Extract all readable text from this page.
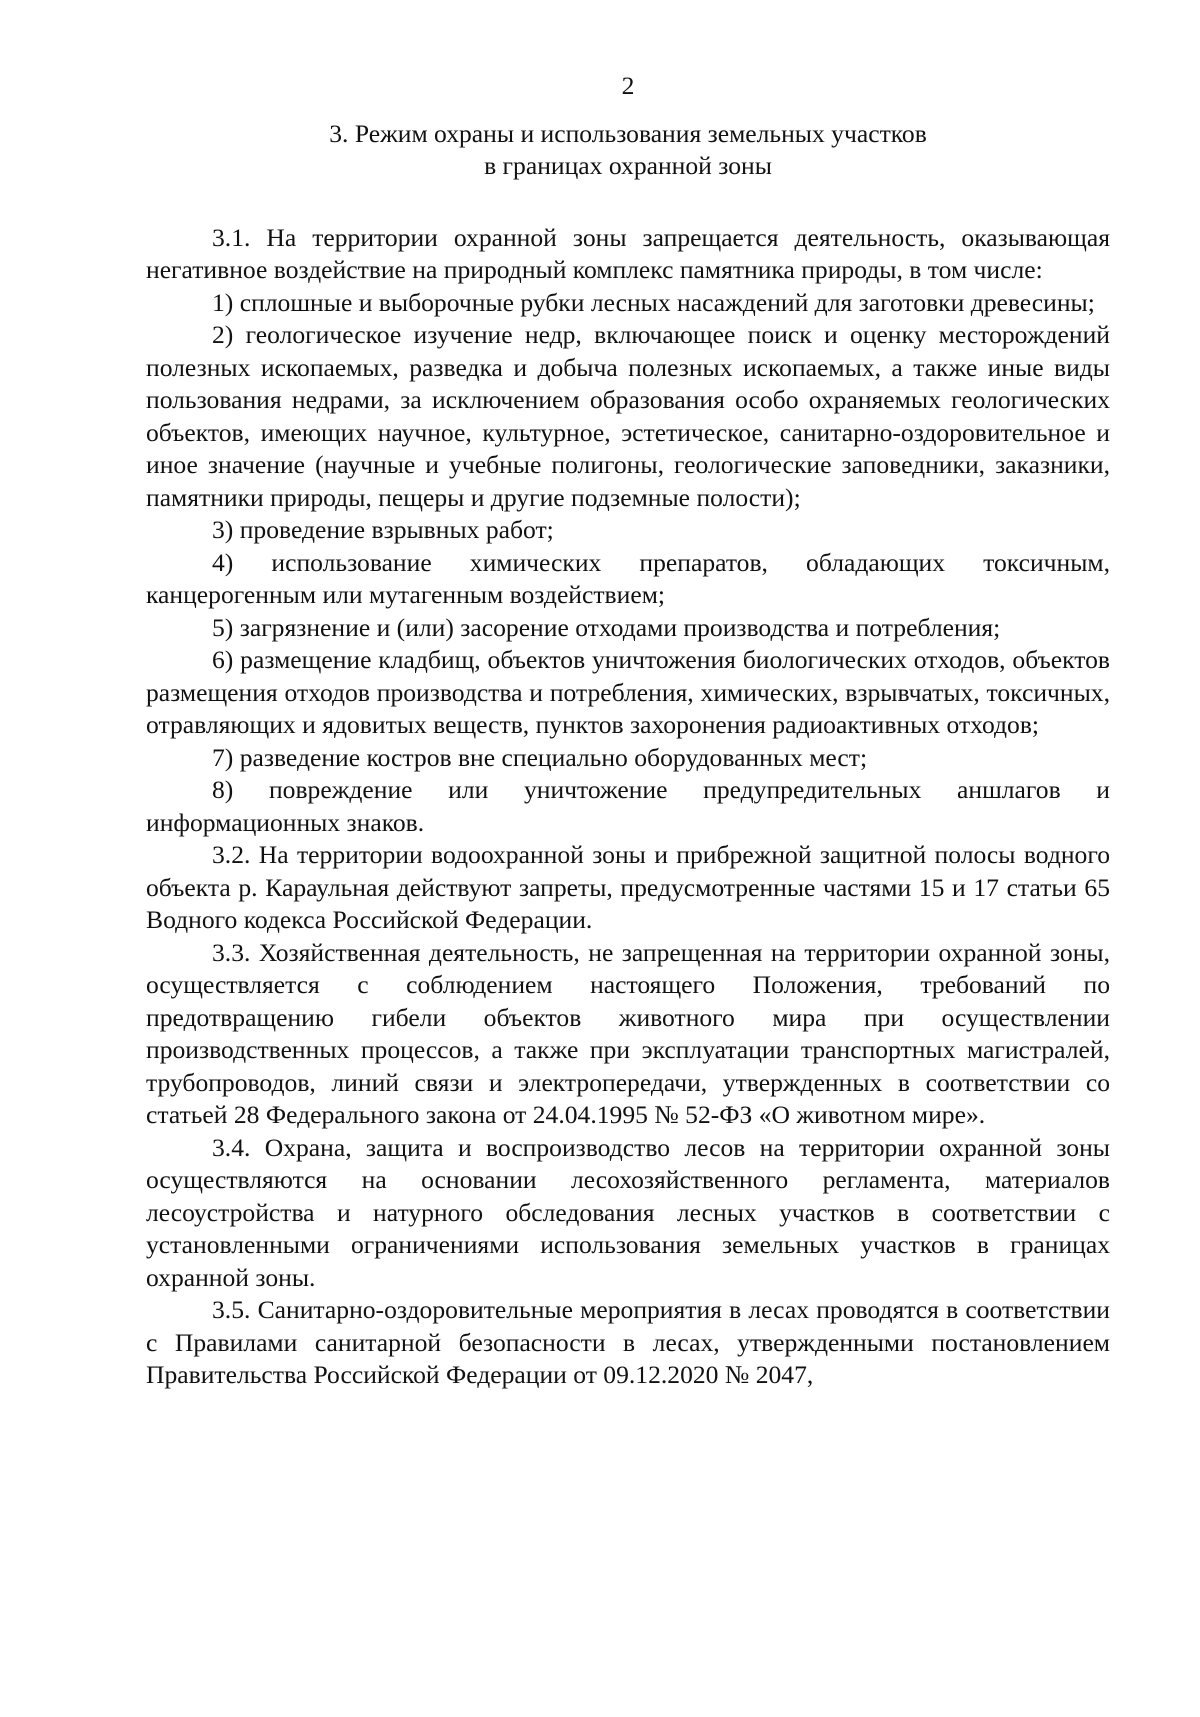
2
3. Режим охраны и использования земельных участков
в границах охранной зоны

3.1. На территории охранной зоны запрещается деятельность, оказывающая негативное воздействие на природный комплекс памятника природы, в том числе:

1) сплошные и выборочные рубки лесных насаждений для заготовки древесины;

2) геологическое изучение недр, включающее поиск и оценку месторождений полезных ископаемых, разведка и добыча полезных ископаемых, а также иные виды пользования недрами, за исключением образования особо охраняемых геологических объектов, имеющих научное, культурное, эстетическое, санитарно-оздоровительное и иное значение (научные и учебные полигоны, геологические заповедники, заказники, памятники природы, пещеры и другие подземные полости);

3) проведение взрывных работ;

4) использование химических препаратов, обладающих токсичным, канцерогенным или мутагенным воздействием;

5) загрязнение и (или) засорение отходами производства и потребления;

6) размещение кладбищ, объектов уничтожения биологических отходов, объектов размещения отходов производства и потребления, химических, взрывчатых, токсичных, отравляющих и ядовитых веществ, пунктов захоронения радиоактивных отходов;

7) разведение костров вне специально оборудованных мест;

8) повреждение или уничтожение предупредительных аншлагов и информационных знаков.

3.2. На территории водоохранной зоны и прибрежной защитной полосы водного объекта р. Караульная действуют запреты, предусмотренные частями 15 и 17 статьи 65 Водного кодекса Российской Федерации.

3.3. Хозяйственная деятельность, не запрещенная на территории охранной зоны, осуществляется с соблюдением настоящего Положения, требований по предотвращению гибели объектов животного мира при осуществлении производственных процессов, а также при эксплуатации транспортных магистралей, трубопроводов, линий связи и электропередачи, утвержденных в соответствии со статьей 28 Федерального закона от 24.04.1995 № 52-ФЗ «О животном мире».

3.4. Охрана, защита и воспроизводство лесов на территории охранной зоны осуществляются на основании лесохозяйственного регламента, материалов лесоустройства и натурного обследования лесных участков в соответствии с установленными ограничениями использования земельных участков в границах охранной зоны.

3.5. Санитарно-оздоровительные мероприятия в лесах проводятся в соответствии с Правилами санитарной безопасности в лесах, утвержденными постановлением Правительства Российской Федерации от 09.12.2020 № 2047,
